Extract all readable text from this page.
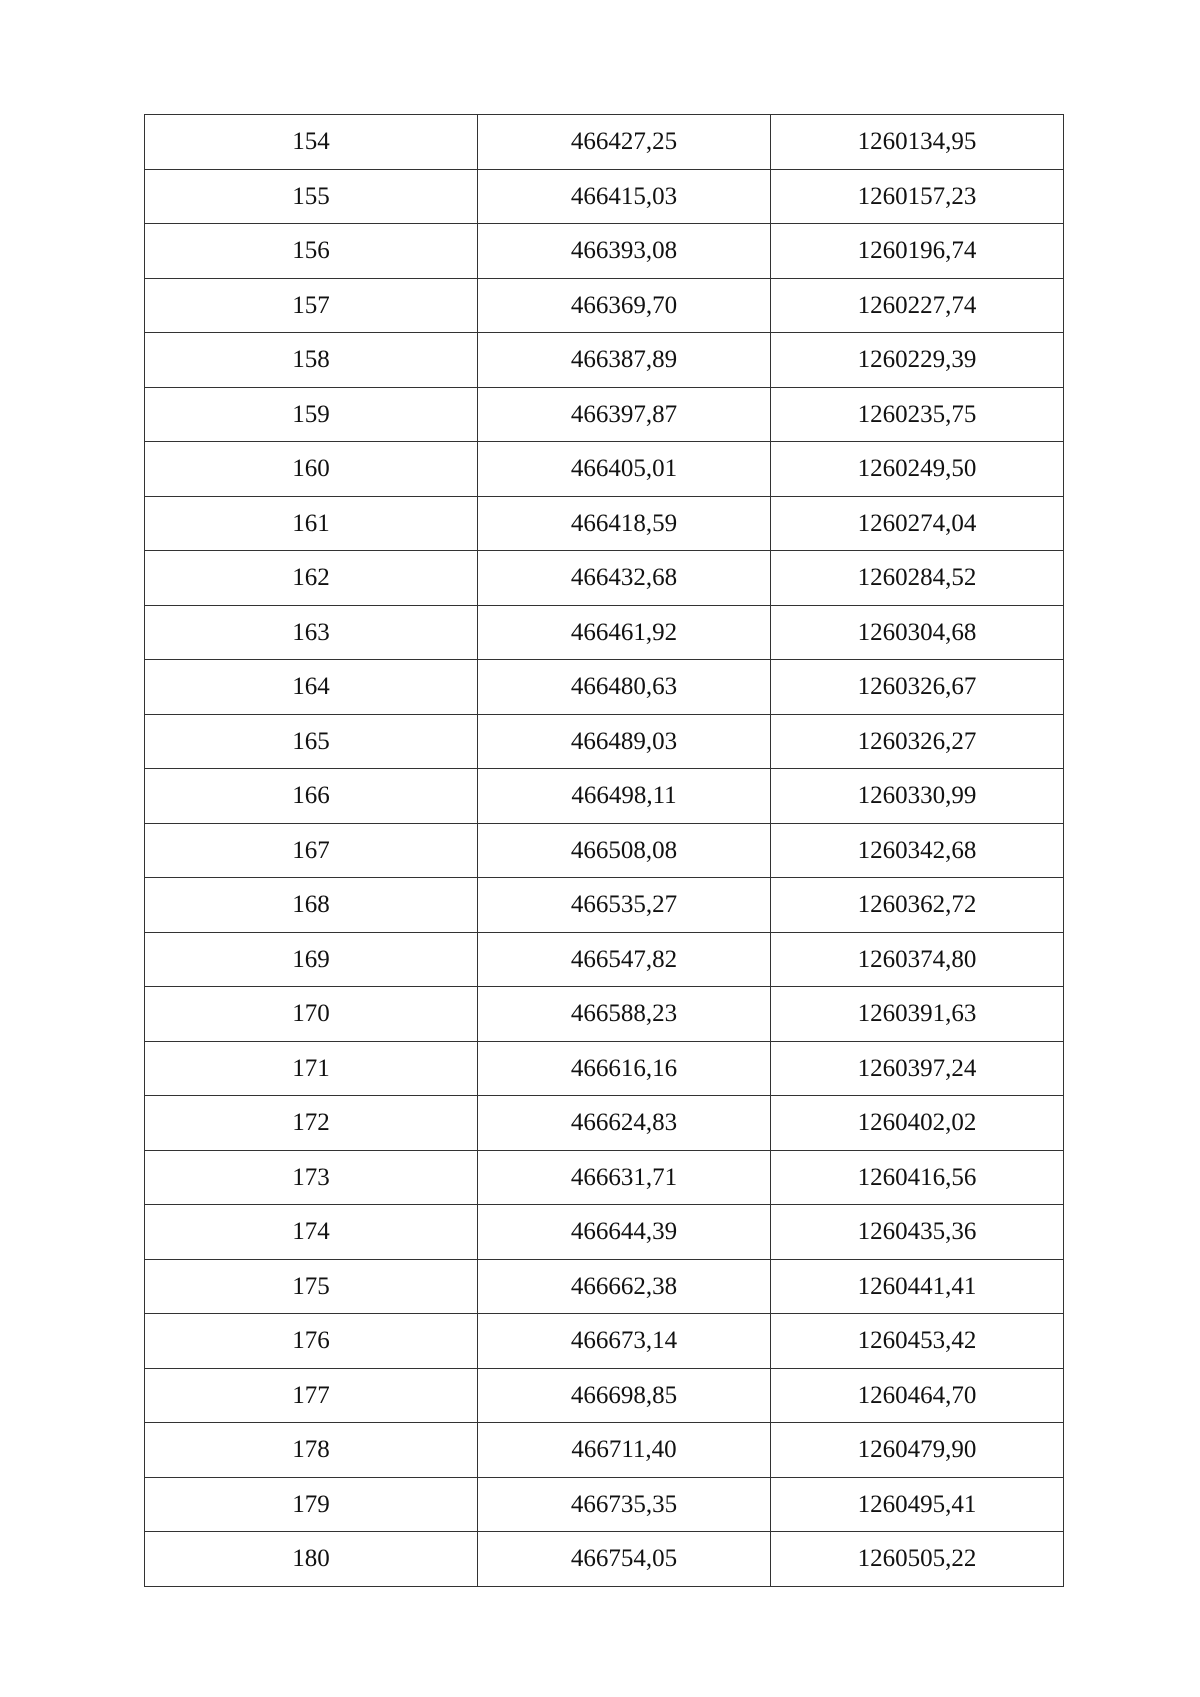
154	466427,25	1260134,95
155	466415,03	1260157,23
156	466393,08	1260196,74
157	466369,70	1260227,74
158	466387,89	1260229,39
159	466397,87	1260235,75
160	466405,01	1260249,50
161	466418,59	1260274,04
162	466432,68	1260284,52
163	466461,92	1260304,68
164	466480,63	1260326,67
165	466489,03	1260326,27
166	466498,11	1260330,99
167	466508,08	1260342,68
168	466535,27	1260362,72
169	466547,82	1260374,80
170	466588,23	1260391,63
171	466616,16	1260397,24
172	466624,83	1260402,02
173	466631,71	1260416,56
174	466644,39	1260435,36
175	466662,38	1260441,41
176	466673,14	1260453,42
177	466698,85	1260464,70
178	466711,40	1260479,90
179	466735,35	1260495,41
180	466754,05	1260505,22
